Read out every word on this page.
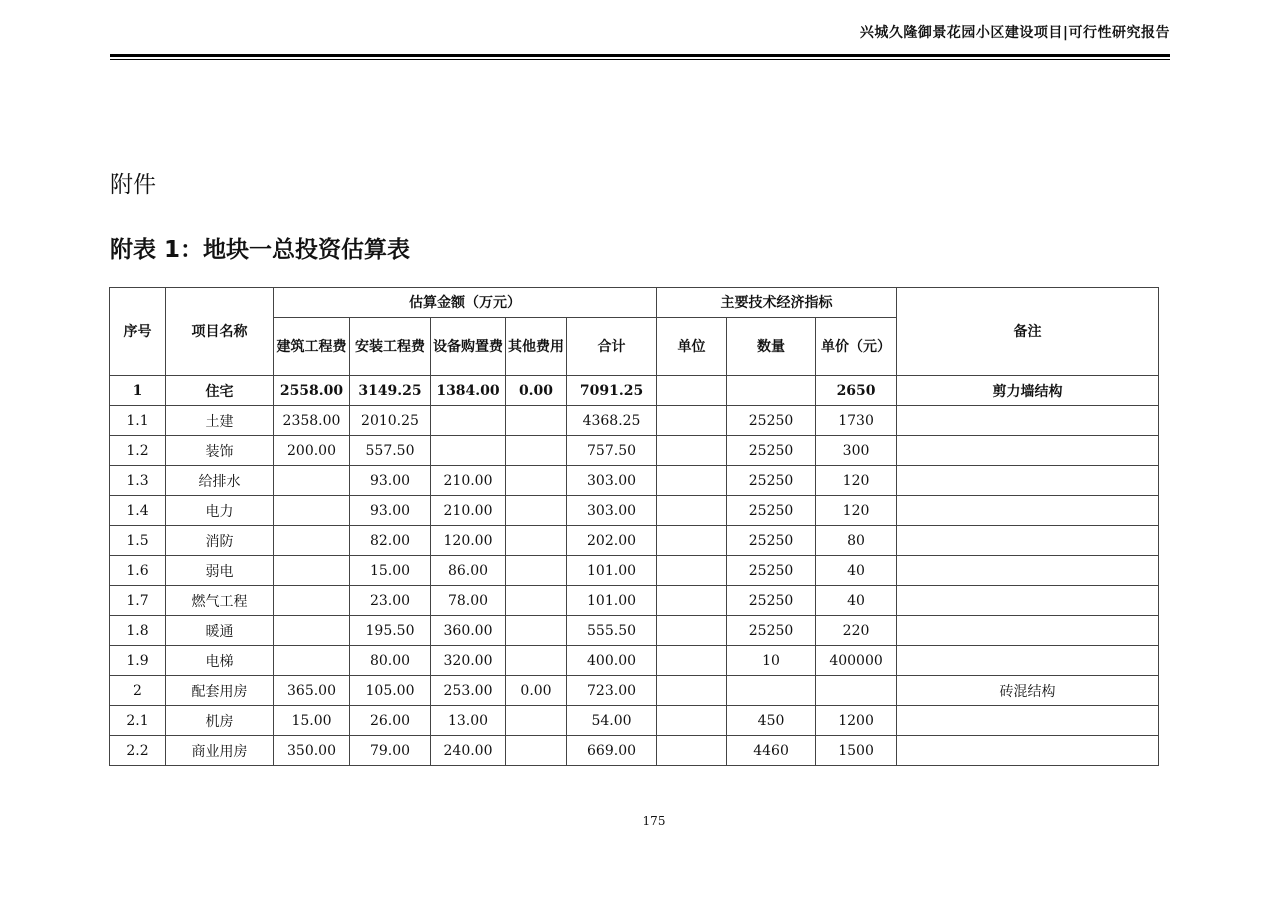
兴城久隆御景花园小区建设项目|可行性研究报告
附件
附表 1：地块一总投资估算表
序号	项目名称	估算金额（万元）					主要技术经济指标			备注
		建筑工程费	安装工程费	设备购置费	其他费用	合计	单位	数量	单价（元）	
1	住宅	2558.00	3149.25	1384.00	0.00	7091.25			2650	剪力墙结构
1.1	土建	2358.00	2010.25			4368.25		25250	1730	
1.2	装饰	200.00	557.50			757.50		25250	300	
1.3	给排水		93.00	210.00		303.00		25250	120	
1.4	电力		93.00	210.00		303.00		25250	120	
1.5	消防		82.00	120.00		202.00		25250	80	
1.6	弱电		15.00	86.00		101.00		25250	40	
1.7	燃气工程		23.00	78.00		101.00		25250	40	
1.8	暖通		195.50	360.00		555.50		25250	220	
1.9	电梯		80.00	320.00		400.00		10	400000	
2	配套用房	365.00	105.00	253.00	0.00	723.00				砖混结构
2.1	机房	15.00	26.00	13.00		54.00		450	1200	
2.2	商业用房	350.00	79.00	240.00		669.00		4460	1500	
175
